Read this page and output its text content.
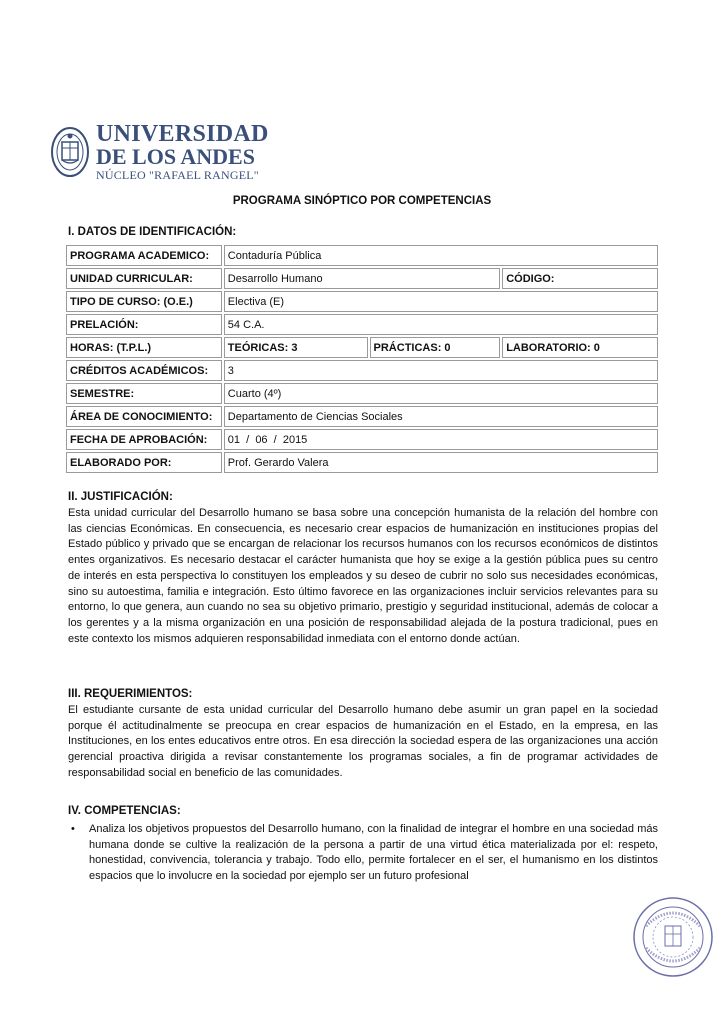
UNIVERSIDAD
DE LOS ANDES
NÚCLEO "RAFAEL RANGEL"
PROGRAMA SINÓPTICO POR COMPETENCIAS
I. DATOS DE IDENTIFICACIÓN:
PROGRAMA ACADEMICO:	Contaduría Pública		
UNIDAD CURRICULAR:	Desarrollo Humano		CÓDIGO:
TIPO DE CURSO: (O.E.)	Electiva (E)		
PRELACIÓN:	54 C.A.		
HORAS: (T.P.L.)	TEÓRICAS: 3	PRÁCTICAS: 0	LABORATORIO: 0
CRÉDITOS ACADÉMICOS:	3		
SEMESTRE:	Cuarto (4º)		
ÁREA DE CONOCIMIENTO:	Departamento de Ciencias Sociales		
FECHA DE APROBACIÓN:	01  /  06  /  2015		
ELABORADO POR:	Prof. Gerardo Valera		
II. JUSTIFICACIÓN:
Esta unidad curricular del Desarrollo humano se basa sobre una concepción humanista de la relación del hombre con las ciencias Económicas. En consecuencia, es necesario crear espacios de humanización en instituciones propias del Estado público y privado que se encargan de relacionar los recursos humanos con los recursos económicos de distintos entes organizativos. Es necesario destacar el carácter humanista que hoy se exige a la gestión pública pues su centro de interés en esta perspectiva lo constituyen los empleados y su deseo de cubrir no solo sus necesidades económicas, sino su autoestima, familia e integración. Esto último favorece en las organizaciones incluir servicios relevantes para su entorno, lo que genera, aun cuando no sea su objetivo primario, prestigio y seguridad institucional, además de colocar a los gerentes y a la misma organización en una posición de responsabilidad alejada de la postura tradicional, pues en este contexto los mismos adquieren responsabilidad inmediata con el entorno donde actúan.
III. REQUERIMIENTOS:
El estudiante cursante de esta unidad curricular del Desarrollo humano debe asumir un gran papel en la sociedad porque él actitudinalmente se preocupa en crear espacios de humanización en el Estado, en la empresa, en las Instituciones, en los entes educativos entre otros. En esa dirección la sociedad espera de las organizaciones una acción gerencial proactiva dirigida a revisar constantemente los programas sociales, a fin de programar actividades de responsabilidad social en beneficio de las comunidades.
IV. COMPETENCIAS:
• Analiza los objetivos propuestos del Desarrollo humano, con la finalidad de integrar el hombre en una sociedad más humana donde se cultive la realización de la persona a partir de una virtud ética materializada por el: respeto, honestidad, convivencia, tolerancia y trabajo. Todo ello, permite fortalecer en el ser, el humanismo en los distintos espacios que lo involucre en la sociedad por ejemplo ser un futuro profesional
